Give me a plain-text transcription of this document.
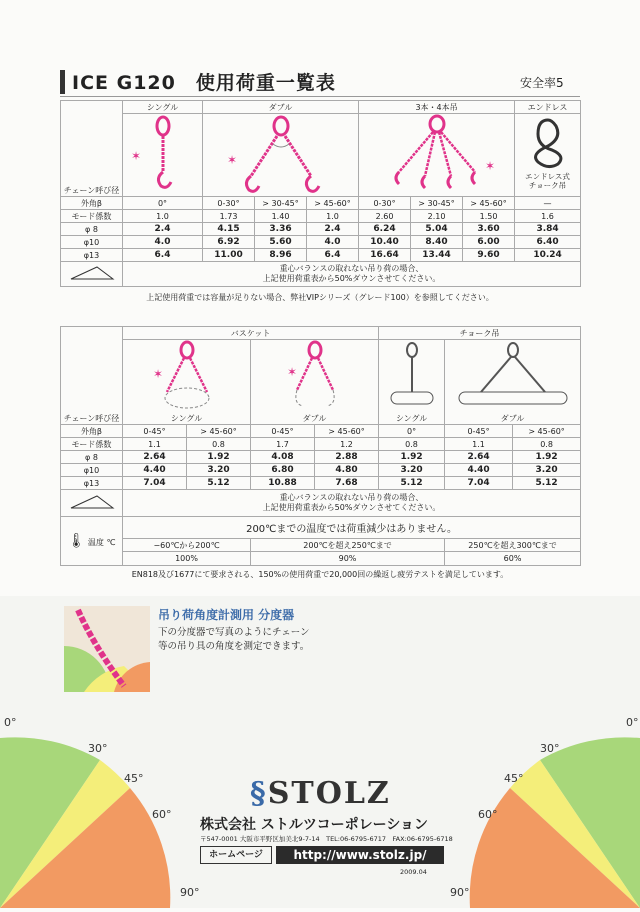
ICE G120　使用荷重一覧表	安全率5
	シングル	ダブル			3本・4本吊			エンドレス
チェーン呼び径	✶	✶			✶			エンドレス式
チョーク吊

外角β	0°	0-30°	> 30-45°	> 45-60°	0-30°	> 30-45°	> 45-60°	—
モード係数	1.0	1.73	1.40	1.0	2.60	2.10	1.50	1.6
φ 8	2.4	4.15	3.36	2.4	6.24	5.04	3.60	3.84
φ10	4.0	6.92	5.60	4.0	10.40	8.40	6.00	6.40
φ13	6.4	11.00	8.96	6.4	16.64	13.44	9.60	10.24

重心バランスの取れない吊り荷の場合、
上記使用荷重表から50%ダウンさせてください。							
上記使用荷重では容量が足りない場合、弊社VIPシリーズ（グレード100）を参照してください。
	バスケット				チョーク吊		

✶		✶

チェーン呼び径	シングル		ダブル		シングル	ダブル	
外角β	0-45°	> 45-60°	0-45°	> 45-60°	0°	0-45°	> 45-60°
モード係数	1.1	0.8	1.7	1.2	0.8	1.1	0.8
φ 8	2.64	1.92	4.08	2.88	1.92	2.64	1.92
φ10	4.40	3.20	6.80	4.80	3.20	4.40	3.20
φ13	7.04	5.12	10.88	7.68	5.12	7.04	5.12

重心バランスの取れない吊り荷の場合、
上記使用荷重表から50%ダウンさせてください。						

🌡 温度 ℃	200℃までの温度では荷重減少はありません。						
	−60℃から200℃		200℃を超え250℃まで			250℃を超え300℃まで	
	100%		90%			60%	
EN818及び1677にて要求される、150%の使用荷重で20,000回の繰返し疲労テストを満足しています。
吊り荷角度計測用 分度器
下の分度器で写真のようにチェーン
等の吊り具の角度を測定できます。
0°
30°
45°
60°
90°
0°
30°
45°
60°
90°
§STOLZ
株式会社 ストルツコーポレーション
〒547-0001 大阪市平野区加美北9-7-14　TEL:06-6795-6717　FAX:06-6795-6718
ホームページ	http://www.stolz.jp/
2009.04
